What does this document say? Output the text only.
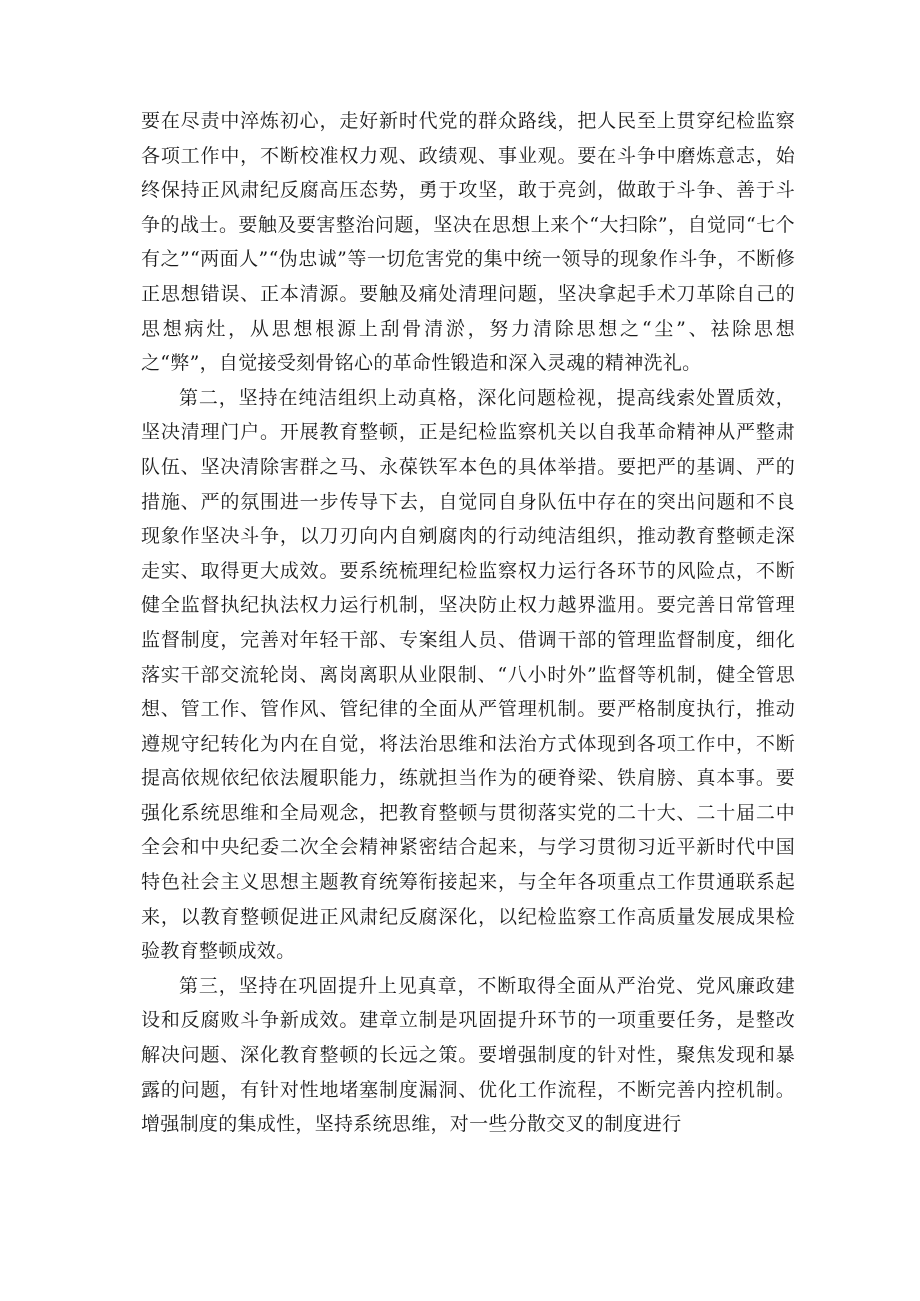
要在尽责中淬炼初心，走好新时代党的群众路线，把人民至上贯穿纪检监察各项工作中，不断校准权力观、政绩观、事业观。要在斗争中磨炼意志，始终保持正风肃纪反腐高压态势，勇于攻坚，敢于亮剑，做敢于斗争、善于斗争的战士。要触及要害整治问题，坚决在思想上来个“大扫除”，自觉同“七个有之”“两面人”“伪忠诚”等一切危害党的集中统一领导的现象作斗争，不断修正思想错误、正本清源。要触及痛处清理问题，坚决拿起手术刀革除自己的思想病灶，从思想根源上刮骨清淤，努力清除思想之“尘”、祛除思想之“弊”，自觉接受刻骨铭心的革命性锻造和深入灵魂的精神洗礼。

第二，坚持在纯洁组织上动真格，深化问题检视，提高线索处置质效，坚决清理门户。开展教育整顿，正是纪检监察机关以自我革命精神从严整肃队伍、坚决清除害群之马、永葆铁军本色的具体举措。要把严的基调、严的措施、严的氛围进一步传导下去，自觉同自身队伍中存在的突出问题和不良现象作坚决斗争，以刀刃向内自剜腐肉的行动纯洁组织，推动教育整顿走深走实、取得更大成效。要系统梳理纪检监察权力运行各环节的风险点，不断健全监督执纪执法权力运行机制，坚决防止权力越界滥用。要完善日常管理监督制度，完善对年轻干部、专案组人员、借调干部的管理监督制度，细化落实干部交流轮岗、离岗离职从业限制、“八小时外”监督等机制，健全管思想、管工作、管作风、管纪律的全面从严管理机制。要严格制度执行，推动遵规守纪转化为内在自觉，将法治思维和法治方式体现到各项工作中，不断提高依规依纪依法履职能力，练就担当作为的硬脊梁、铁肩膀、真本事。要强化系统思维和全局观念，把教育整顿与贯彻落实党的二十大、二十届二中全会和中央纪委二次全会精神紧密结合起来，与学习贯彻习近平新时代中国特色社会主义思想主题教育统筹衔接起来，与全年各项重点工作贯通联系起来，以教育整顿促进正风肃纪反腐深化，以纪检监察工作高质量发展成果检验教育整顿成效。

第三，坚持在巩固提升上见真章，不断取得全面从严治党、党风廉政建设和反腐败斗争新成效。建章立制是巩固提升环节的一项重要任务，是整改解决问题、深化教育整顿的长远之策。要增强制度的针对性，聚焦发现和暴露的问题，有针对性地堵塞制度漏洞、优化工作流程，不断完善内控机制。增强制度的集成性，坚持系统思维，对一些分散交叉的制度进行
